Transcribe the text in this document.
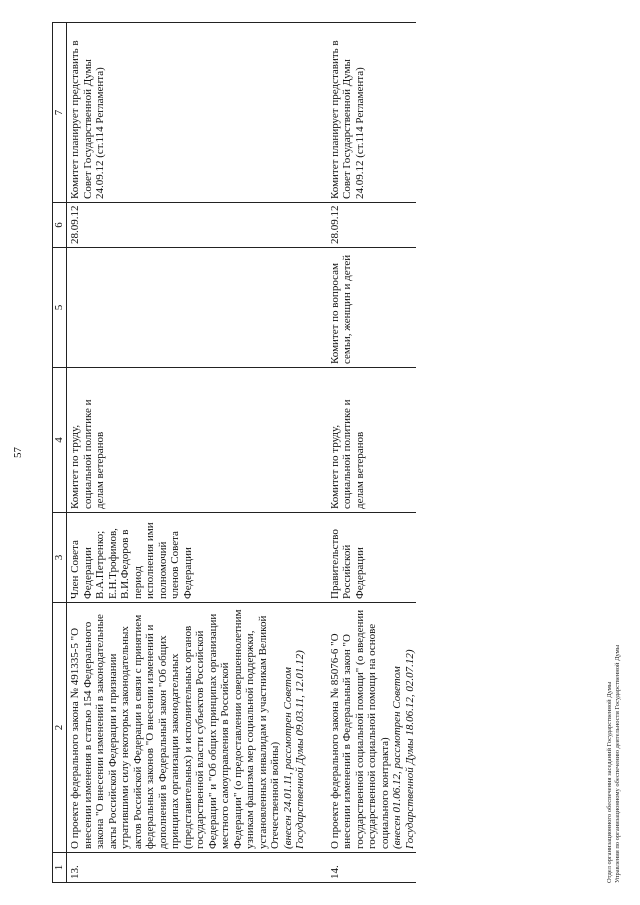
57
1	2	3	4	5	6	7
13.	О проекте федерального закона № 491335-5 "О внесении изменения в статью 154 Федерального закона "О внесении изменений в законодательные акты Российской Федерации и признании утратившими силу некоторых законодательных актов Российской Федерации в связи с принятием федеральных законов "О внесении изменений и дополнений в Федеральный закон "Об общих принципах организации законодательных (представительных) и исполнительных органов государственной власти субъектов Российской Федерации" и "Об общих принципах организации местного самоуправления в Российской Федерации" (о предоставлении совершеннолетним узникам фашизма мер социальной поддержки, установленных инвалидам и участникам Великой Отечественной войны)
(внесен 24.01.11, рассмотрен Советом Государственной Думы 09.03.11, 12.01.12)	Член Совета Федерации В.А.Петренко; Е.Н.Трофимов, В.И.Федоров в период исполнения ими полномочий членов Совета Федерации	Комитет по труду, социальной политике и делам ветеранов		28.09.12	Комитет планирует представить в Совет Государственной Думы 24.09.12 (ст.114 Регламента)

14.	О проекте федерального закона № 85076-6 "О внесении изменений в Федеральный закон "О государственной социальной помощи" (о введении государственной социальной помощи на основе социального контракта)
(внесен 01.06.12, рассмотрен Советом Государственной Думы 18.06.12, 02.07.12)	Правительство Российской Федерации	Комитет по труду, социальной политике и делам ветеранов	Комитет по вопросам семьи, женщин и детей	28.09.12	Комитет планирует представить в Совет Государственной Думы 24.09.12 (ст.114 Регламента)
Отдел организационного обеспечения заседаний Государственной Думы Управления по организационному обеспечению деятельности Государственной Думы
